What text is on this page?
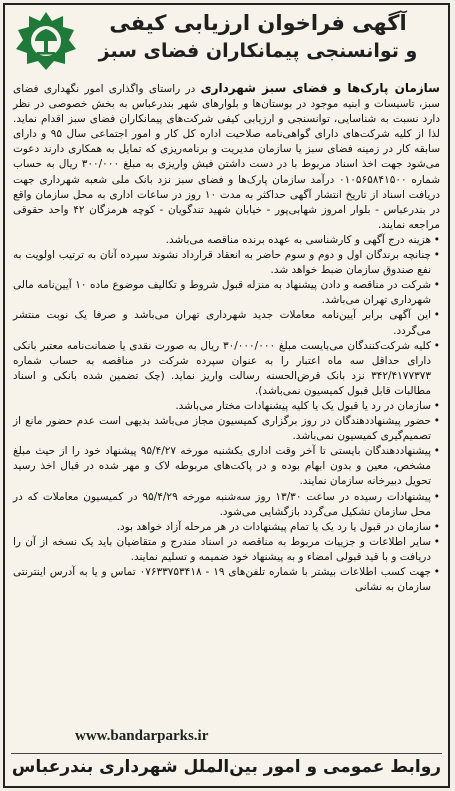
آگهی فراخوان ارزیابی کیفی
و توانسنجی پیمانکاران فضای سبز

سازمان پارک‌ها و فضای سبز شهرداری در راستای واگذاری امور نگهداری فضای سبز، تاسیسات و ابنیه موجود در بوستان‌ها و بلوارهای شهر بندرعباس به بخش خصوصی در نظر دارد نسبت به شناسایی، توانسنجی و ارزیابی کیفی شرکت‌های پیمانکاران فضای سبز اقدام نماید. لذا از کلیه شرکت‌های دارای گواهی‌نامه صلاحیت اداره کل کار و امور اجتماعی سال ۹۵ و دارای سابقه کار در زمینه فضای سبز یا سازمان مدیریت و برنامه‌ریزی که تمایل به همکاری دارند دعوت می‌شود جهت اخذ اسناد مربوط با در دست داشتن فیش واریزی به مبلغ ۳۰۰/۰۰۰ ریال به حساب شماره ۰۱۰۵۶۵۸۴۱۵۰۰ درآمد سازمان پارک‌ها و فضای سبز نزد بانک ملی شعبه شهرداری جهت دریافت اسناد از تاریخ انتشار آگهی حداکثر به مدت ۱۰ روز در ساعات اداری به محل سازمان واقع در بندرعباس - بلوار امروز شهابی‌پور - خیابان شهید تندگویان - کوچه هرمزگان ۴۲ واحد حقوقی مراجعه نمایند.

• هزینه درج آگهی و کارشناسی به عهده برنده مناقصه می‌باشد.
• چنانچه برندگان اول و دوم و سوم حاضر به انعقاد قرارداد نشوند سپرده آنان به ترتیب اولویت به نفع صندوق سازمان ضبط خواهد شد.
• شرکت در مناقصه و دادن پیشنهاد به منزله قبول شروط و تکالیف موضوع ماده ۱۰ آیین‌نامه مالی شهرداری تهران می‌باشد.
• این آگهی برابر آیین‌نامه معاملات جدید شهرداری تهران می‌باشد و صرفا یک نوبت منتشر می‌گردد.
• کلیه شرکت‌کنندگان می‌بایست مبلغ ۳۰/۰۰۰/۰۰۰ ریال به صورت نقدی یا ضمانت‌نامه معتبر بانکی دارای حداقل سه ماه اعتبار را به عنوان سپرده شرکت در مناقصه به حساب شماره ۳۴۲/۴۱۷۷۳۷۳ نزد بانک قرض‌الحسنه رسالت واریز نماید. (چک تضمین شده بانکی و اسناد مطالبات قابل قبول کمیسیون نمی‌باشد).
• سازمان در رد یا قبول یک یا کلیه پیشنهادات مختار می‌باشد.
• حضور پیشنهاددهندگان در روز برگزاری کمیسیون مجاز می‌باشد بدیهی است عدم حضور مانع از تصمیم‌گیری کمیسیون نمی‌باشد.
• پیشنهاددهندگان بایستی تا آخر وقت اداری یکشنبه مورخه ۹۵/۴/۲۷ پیشنهاد خود را از حیث مبلغ مشخص، معین و بدون ابهام بوده و در پاکت‌های مربوطه لاک و مهر شده در قبال اخذ رسید تحویل دبیرخانه سازمان نمایند.
• پیشنهادات رسیده در ساعت ۱۳/۳۰ روز سه‌شنبه مورخه ۹۵/۴/۲۹ در کمیسیون معاملات که در محل سازمان تشکیل می‌گردد بازگشایی می‌شود.
• سازمان در قبول یا رد یک یا تمام پیشنهادات در هر مرحله آزاد خواهد بود.
• سایر اطلاعات و جزییات مربوط به مناقصه در اسناد مندرج و متقاضیان باید یک نسخه از آن را دریافت و با قید قبولی امضاء و به پیشنهاد خود ضمیمه و تسلیم نمایند.
• جهت کسب اطلاعات بیشتر با شماره تلفن‌های ۱۹ - ۰۷۶۳۳۷۵۳۴۱۸ تماس و یا به آدرس اینترنتی سازمان به نشانی
www.bandarparks.ir
روابط عمومی و امور بین‌الملل شهرداری بندرعباس
